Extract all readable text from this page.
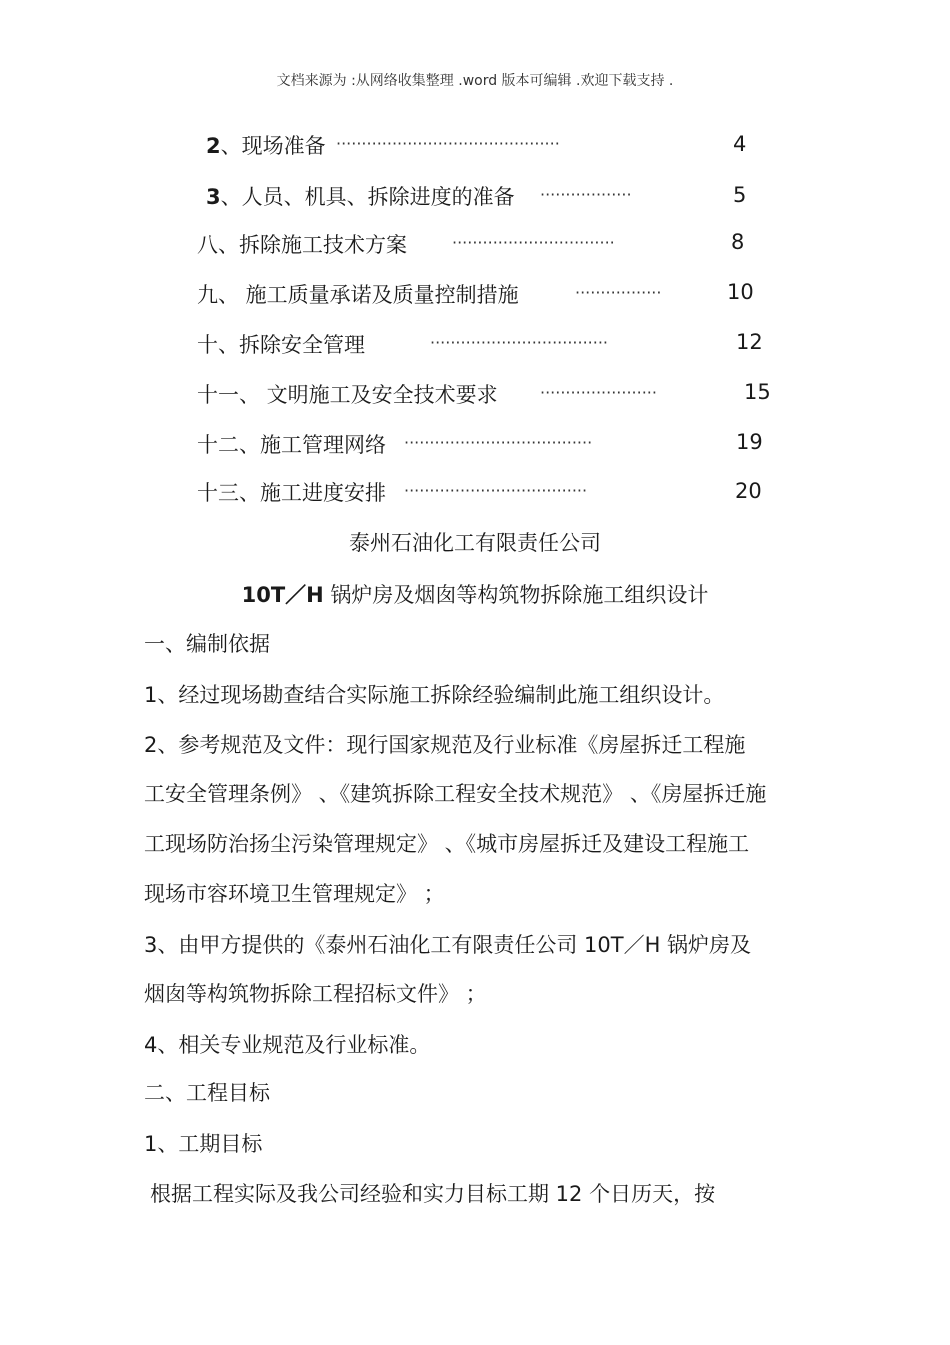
文档来源为 :从网络收集整理 .word 版本可编辑 .欢迎下载支持 .
2、现场准备 ············································	4
3、人员、机具、拆除进度的准备 ··················	5
八、拆除施工技术方案	································	8
九、 施工质量承诺及质量控制措施	·················	10
十、拆除安全管理	···································	12
十一、 文明施工及安全技术要求	·······················	15
十二、施工管理网络 ·····································	19
十三、施工进度安排 ····································	20
泰州石油化工有限责任公司
10T／H 锅炉房及烟囱等构筑物拆除施工组织设计
一、编制依据
1、经过现场勘查结合实际施工拆除经验编制此施工组织设计。
2、参考规范及文件：现行国家规范及行业标准《房屋拆迁工程施
工安全管理条例》 、《建筑拆除工程安全技术规范》 、《房屋拆迁施
工现场防治扬尘污染管理规定》 、《城市房屋拆迁及建设工程施工
现场市容环境卫生管理规定》 ；
3、由甲方提供的《泰州石油化工有限责任公司 10T／H 锅炉房及
烟囱等构筑物拆除工程招标文件》 ；
4、相关专业规范及行业标准。
二、工程目标
1、工期目标
根据工程实际及我公司经验和实力目标工期 12 个日历天，按
